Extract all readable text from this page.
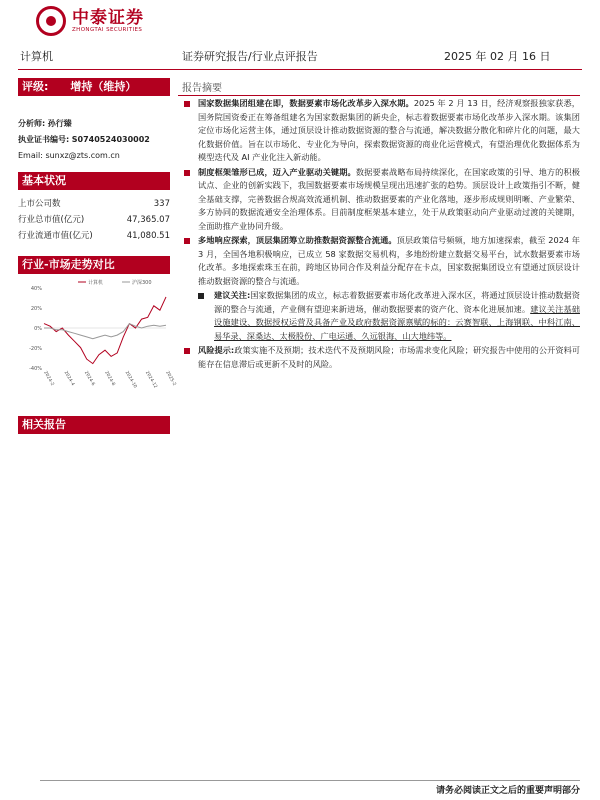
中泰证券
ZHONGTAI SECURITIES
计算机	证券研究报告/行业点评报告	2025 年 02 月 16 日
评级: 增持（维持）
分析师: 孙行臻
执业证书编号: S0740524030002
Email: sunxz@zts.com.cn
基本状况
上市公司数	337
行业总市值(亿元)	47,365.07
行业流通市值(亿元)	41,080.51
行业-市场走势对比
40%
20%
0%
-20%
-40%
计算机	沪深300
2024-2 2024-4 2024-6 2024-8 2024-10 2024-12 2025-2
相关报告
报告摘要
国家数据集团组建在即，数据要素市场化改革步入深水期。2025 年 2 月 13 日，经济观察报独家获悉，国务院国资委正在筹备组建名为国家数据集团的新央企，标志着数据要素市场化改革步入深水期。该集团定位市场化运营主体，通过顶层设计推动数据资源的整合与流通，解决数据分散化和碎片化的问题，最大化数据价值。旨在以市场化、专业化为导向，探索数据资源的商业化运营模式，有望治理优化数据体系为模型迭代及 AI 产业化注入新动能。
制度框架雏形已成，迈入产业驱动关键期。数据要素战略布局持续深化，在国家政策的引导、地方的积极试点、企业的创新实践下，我国数据要素市场规模呈现出迅速扩张的趋势。顶层设计上政策指引不断，健全基础支撑，完善数据合规高效流通机制、推动数据要素的产业化落地，逐步形成规则明晰、产业繁荣、多方协同的数据流通安全治理体系。目前制度框架基本建立，处于从政策驱动向产业驱动过渡的关键期，全面助推产业协同升级。
多地响应探索，顶层集团筹立助推数据资源整合流通。顶层政策信号频频，地方加速探索，截至 2024 年 3 月，全国各地积极响应，已成立 58 家数据交易机构，多地纷纷建立数据交易平台，试水数据要素市场化改革。多地探索珠玉在前，跨地区协同合作及利益分配存在卡点，国家数据集团设立有望通过顶层设计推动数据资源的整合与流通。
建议关注:国家数据集团的成立，标志着数据要素市场化改革进入深水区，将通过顶层设计推动数据资源的整合与流通，产业侧有望迎来新进场，催动数据要素的资产化、资本化进展加速。建议关注基础设施建设、数据授权运营及具备产业及政府数据资源禀赋的标的：云赛智联、上海钢联、中科江南、易华录、深桑达、太极股份、广电运通、久远银海、山大地纬等。
风险提示:政策实施不及预期；技术迭代不及预期风险；市场需求变化风险；研究报告中使用的公开资料可能存在信息滞后或更新不及时的风险。
请务必阅读正文之后的重要声明部分
